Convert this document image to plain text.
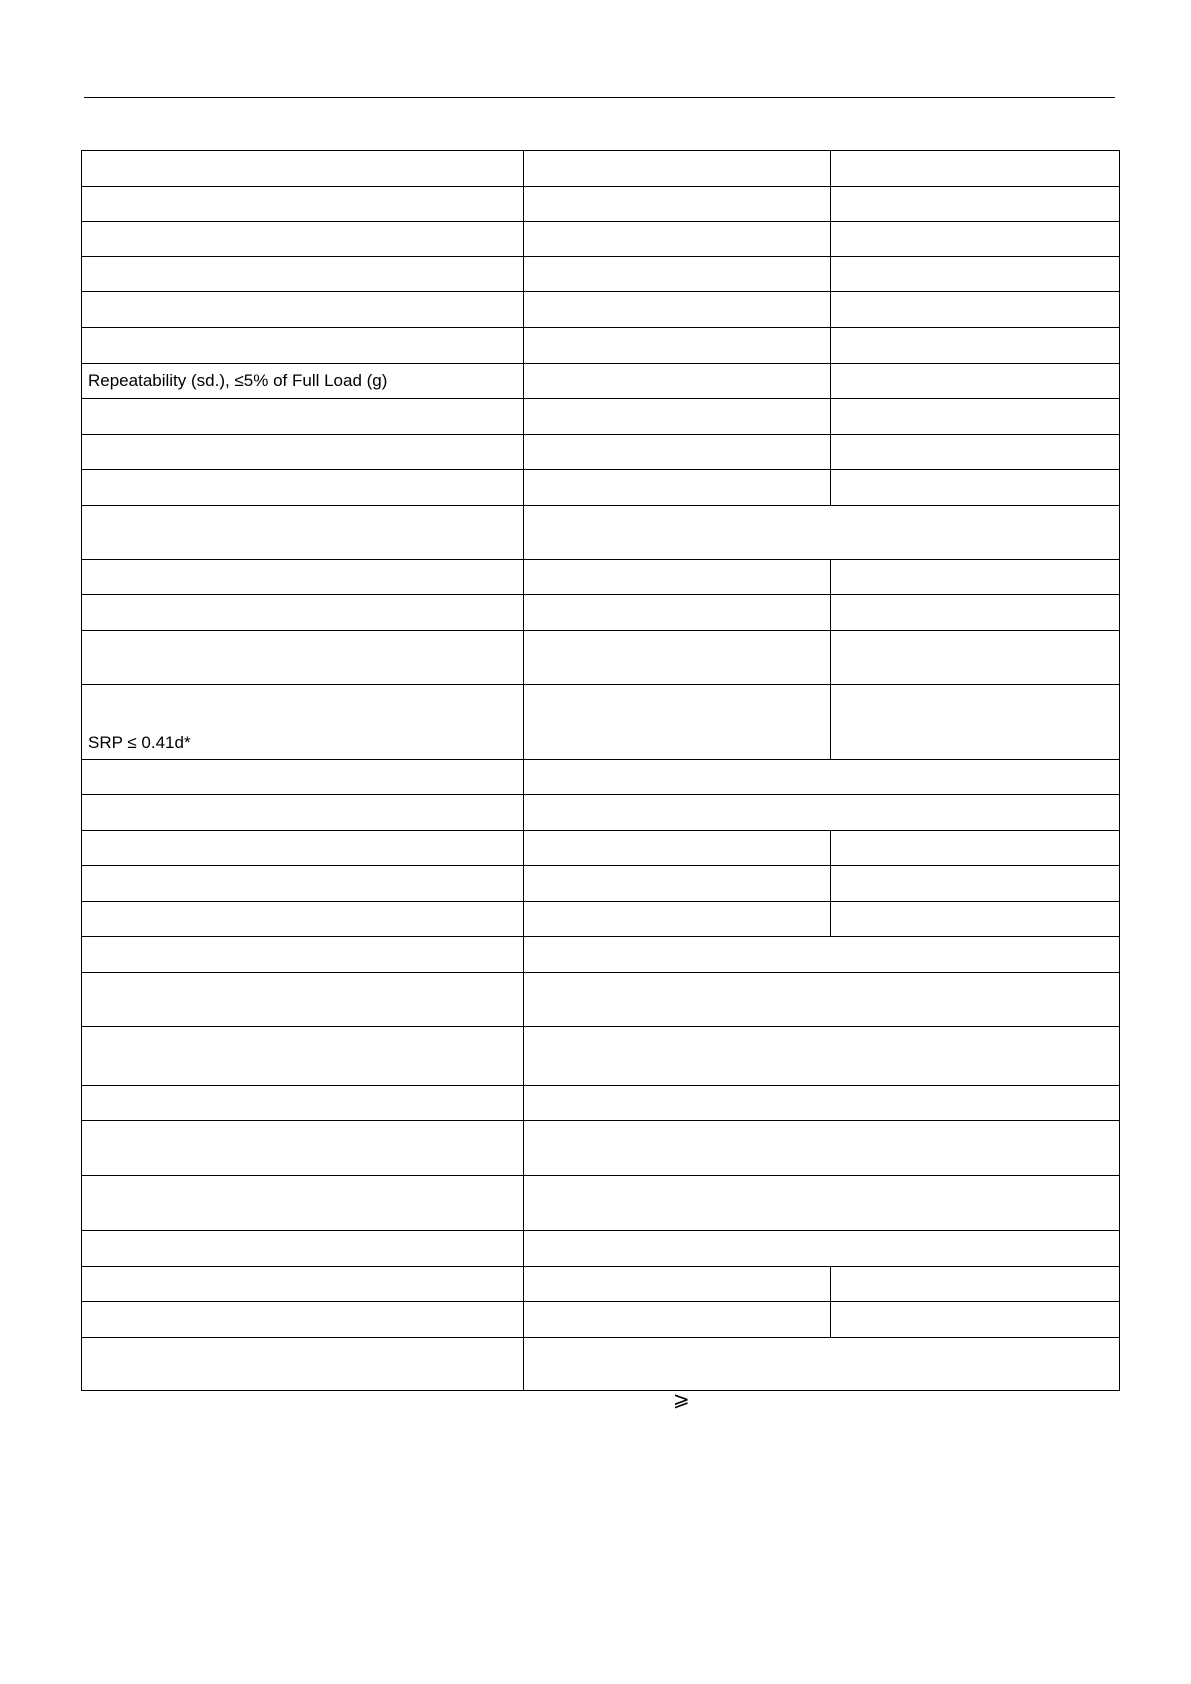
Repeatability (sd.), ≤5% of Full Load (g)		

SRP ≤ 0.41d*		

⩾
